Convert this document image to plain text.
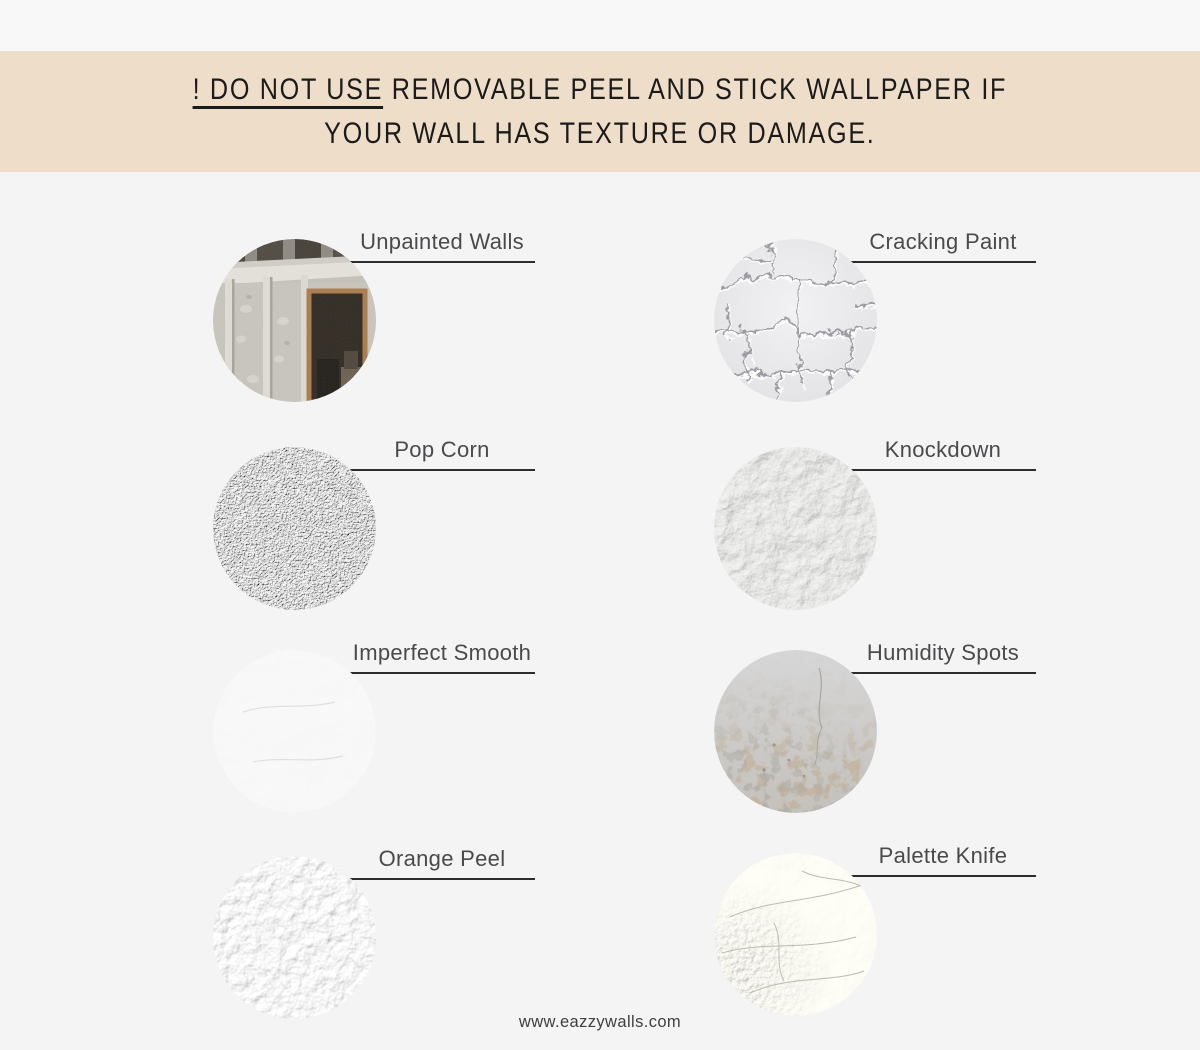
! DO NOT USE REMOVABLE PEEL AND STICK WALLPAPER IF
YOUR WALL HAS TEXTURE OR DAMAGE.
Unpainted Walls	Cracking Paint
Pop Corn	Knockdown
Imperfect Smooth	Humidity Spots
Orange Peel	Palette Knife
www.eazzywalls.com
